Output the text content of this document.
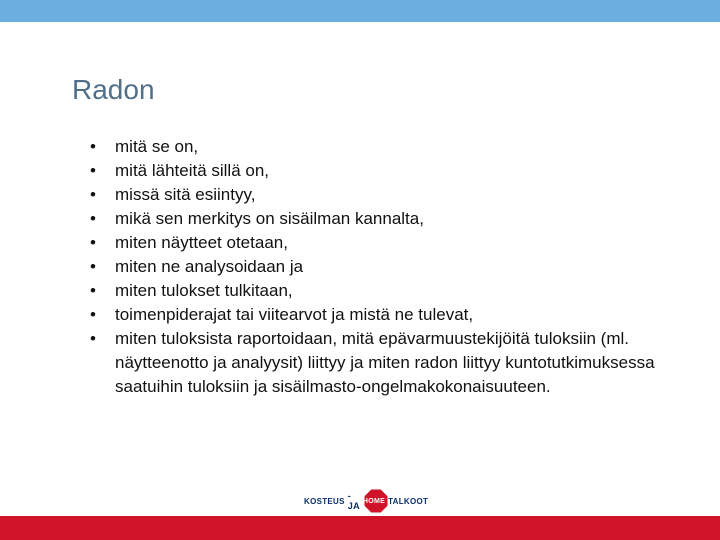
Radon
•	mitä se on,
•	mitä lähteitä sillä on,
•	missä sitä esiintyy,
•	mikä sen merkitys on sisäilman kannalta,
•	miten näytteet otetaan,
•	miten ne analysoidaan ja
•	miten tulokset tulkitaan,
•	toimenpiderajat tai viitearvot ja mistä ne tulevat,
•	miten tuloksista raportoidaan, mitä epävarmuustekijöitä tuloksiin (ml. näytteenotto ja analyysit) liittyy ja miten radon liittyy kuntotutkimuksessa saatuihin tuloksiin ja sisäilmasto-ongelmakokonaisuuteen.
KOSTEUS -JA HOME TALKOOT
